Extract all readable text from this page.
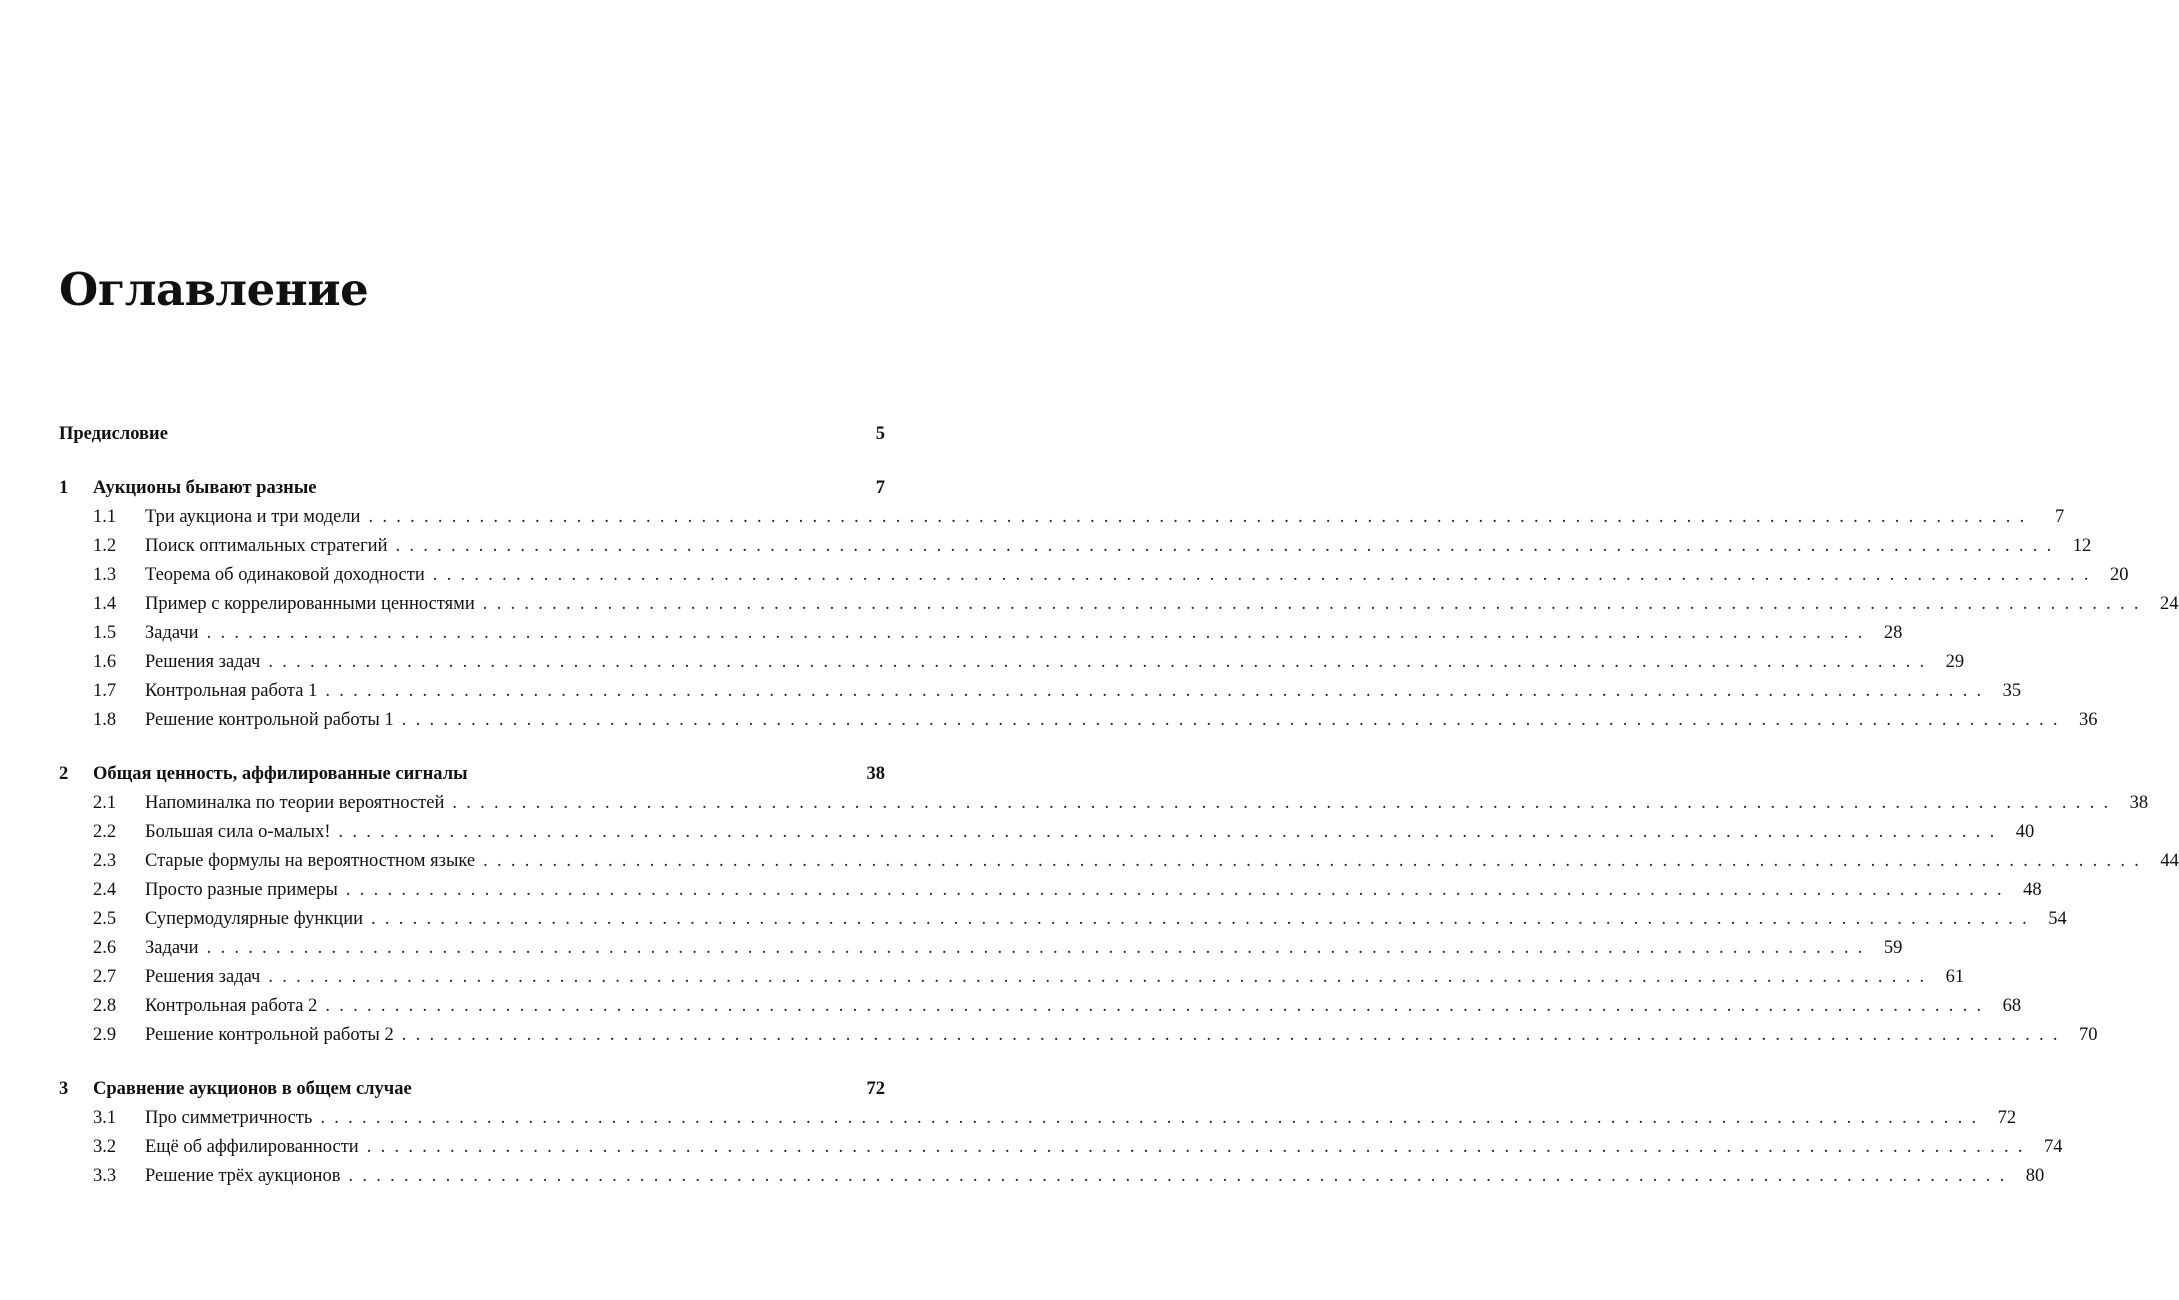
Оглавление
Предисловие	5
1	Аукционы бывают разные	7
1.1	Три аукциона и три модели . . . . . . . . . . . . . . . . . . . . . . . . . . . . . . . . . . . . . . . . . . . . . . . . . . . . . . . . . . . . . . . . . . . . . . . . . . . . . . . . . . . . . . . . . . . . . . . . . . . . . . . . . . . . . . . . . . . . . . . .	7
1.2	Поиск оптимальных стратегий . . . . . . . . . . . . . . . . . . . . . . . . . . . . . . . . . . . . . . . . . . . . . . . . . . . . . . . . . . . . . . . . . . . . . . . . . . . . . . . . . . . . . . . . . . . . . . . . . . . . . . . . . . . . . . . . . . . . . . . .	12
1.3	Теорема об одинаковой доходности . . . . . . . . . . . . . . . . . . . . . . . . . . . . . . . . . . . . . . . . . . . . . . . . . . . . . . . . . . . . . . . . . . . . . . . . . . . . . . . . . . . . . . . . . . . . . . . . . . . . . . . . . . . . . . . . . . . . . . . .	20
1.4	Пример с коррелированными ценностями . . . . . . . . . . . . . . . . . . . . . . . . . . . . . . . . . . . . . . . . . . . . . . . . . . . . . . . . . . . . . . . . . . . . . . . . . . . . . . . . . . . . . . . . . . . . . . . . . . . . . . . . . . . . . . . . . . . . . . . .	24
1.5	Задачи . . . . . . . . . . . . . . . . . . . . . . . . . . . . . . . . . . . . . . . . . . . . . . . . . . . . . . . . . . . . . . . . . . . . . . . . . . . . . . . . . . . . . . . . . . . . . . . . . . . . . . . . . . . . . . . . . . . . . . . .	28
1.6	Решения задач . . . . . . . . . . . . . . . . . . . . . . . . . . . . . . . . . . . . . . . . . . . . . . . . . . . . . . . . . . . . . . . . . . . . . . . . . . . . . . . . . . . . . . . . . . . . . . . . . . . . . . . . . . . . . . . . . . . . . . . .	29
1.7	Контрольная работа 1 . . . . . . . . . . . . . . . . . . . . . . . . . . . . . . . . . . . . . . . . . . . . . . . . . . . . . . . . . . . . . . . . . . . . . . . . . . . . . . . . . . . . . . . . . . . . . . . . . . . . . . . . . . . . . . . . . . . . . . . .	35
1.8	Решение контрольной работы 1 . . . . . . . . . . . . . . . . . . . . . . . . . . . . . . . . . . . . . . . . . . . . . . . . . . . . . . . . . . . . . . . . . . . . . . . . . . . . . . . . . . . . . . . . . . . . . . . . . . . . . . . . . . . . . . . . . . . . . . . .	36
2	Общая ценность, аффилированные сигналы	38
2.1	Напоминалка по теории вероятностей . . . . . . . . . . . . . . . . . . . . . . . . . . . . . . . . . . . . . . . . . . . . . . . . . . . . . . . . . . . . . . . . . . . . . . . . . . . . . . . . . . . . . . . . . . . . . . . . . . . . . . . . . . . . . . . . . . . . . . . .	38
2.2	Большая сила о-малых! . . . . . . . . . . . . . . . . . . . . . . . . . . . . . . . . . . . . . . . . . . . . . . . . . . . . . . . . . . . . . . . . . . . . . . . . . . . . . . . . . . . . . . . . . . . . . . . . . . . . . . . . . . . . . . . . . . . . . . . .	40
2.3	Старые формулы на вероятностном языке . . . . . . . . . . . . . . . . . . . . . . . . . . . . . . . . . . . . . . . . . . . . . . . . . . . . . . . . . . . . . . . . . . . . . . . . . . . . . . . . . . . . . . . . . . . . . . . . . . . . . . . . . . . . . . . . . . . . . . . .	44
2.4	Просто разные примеры . . . . . . . . . . . . . . . . . . . . . . . . . . . . . . . . . . . . . . . . . . . . . . . . . . . . . . . . . . . . . . . . . . . . . . . . . . . . . . . . . . . . . . . . . . . . . . . . . . . . . . . . . . . . . . . . . . . . . . . .	48
2.5	Супермодулярные функции . . . . . . . . . . . . . . . . . . . . . . . . . . . . . . . . . . . . . . . . . . . . . . . . . . . . . . . . . . . . . . . . . . . . . . . . . . . . . . . . . . . . . . . . . . . . . . . . . . . . . . . . . . . . . . . . . . . . . . . .	54
2.6	Задачи . . . . . . . . . . . . . . . . . . . . . . . . . . . . . . . . . . . . . . . . . . . . . . . . . . . . . . . . . . . . . . . . . . . . . . . . . . . . . . . . . . . . . . . . . . . . . . . . . . . . . . . . . . . . . . . . . . . . . . . .	59
2.7	Решения задач . . . . . . . . . . . . . . . . . . . . . . . . . . . . . . . . . . . . . . . . . . . . . . . . . . . . . . . . . . . . . . . . . . . . . . . . . . . . . . . . . . . . . . . . . . . . . . . . . . . . . . . . . . . . . . . . . . . . . . . .	61
2.8	Контрольная работа 2 . . . . . . . . . . . . . . . . . . . . . . . . . . . . . . . . . . . . . . . . . . . . . . . . . . . . . . . . . . . . . . . . . . . . . . . . . . . . . . . . . . . . . . . . . . . . . . . . . . . . . . . . . . . . . . . . . . . . . . . .	68
2.9	Решение контрольной работы 2 . . . . . . . . . . . . . . . . . . . . . . . . . . . . . . . . . . . . . . . . . . . . . . . . . . . . . . . . . . . . . . . . . . . . . . . . . . . . . . . . . . . . . . . . . . . . . . . . . . . . . . . . . . . . . . . . . . . . . . . .	70
3	Сравнение аукционов в общем случае	72
3.1	Про симметричность . . . . . . . . . . . . . . . . . . . . . . . . . . . . . . . . . . . . . . . . . . . . . . . . . . . . . . . . . . . . . . . . . . . . . . . . . . . . . . . . . . . . . . . . . . . . . . . . . . . . . . . . . . . . . . . . . . . . . . . .	72
3.2	Ещё об аффилированности . . . . . . . . . . . . . . . . . . . . . . . . . . . . . . . . . . . . . . . . . . . . . . . . . . . . . . . . . . . . . . . . . . . . . . . . . . . . . . . . . . . . . . . . . . . . . . . . . . . . . . . . . . . . . . . . . . . . . . . .	74
3.3	Решение трёх аукционов . . . . . . . . . . . . . . . . . . . . . . . . . . . . . . . . . . . . . . . . . . . . . . . . . . . . . . . . . . . . . . . . . . . . . . . . . . . . . . . . . . . . . . . . . . . . . . . . . . . . . . . . . . . . . . . . . . . . . . . .	80
